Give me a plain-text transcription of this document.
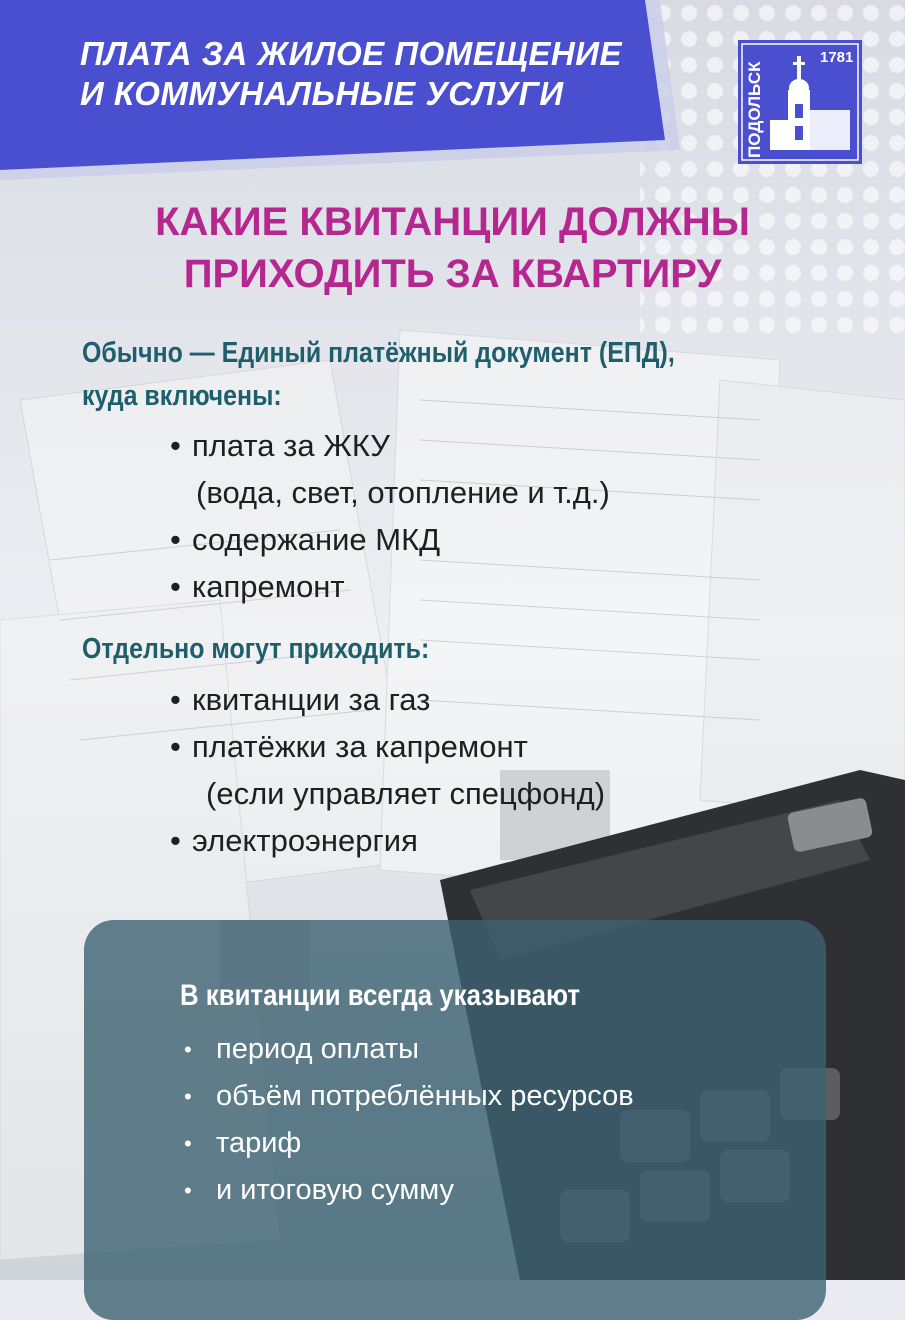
ПЛАТА ЗА ЖИЛОЕ ПОМЕЩЕНИЕ
И КОММУНАЛЬНЫЕ УСЛУГИ	ПОДОЛЬСК
1781
КАКИЕ КВИТАНЦИИ ДОЛЖНЫ
ПРИХОДИТЬ ЗА КВАРТИРУ

Обычно — Единый платёжный документ (ЕПД),
куда включены:

• плата за ЖКУ
(вода, свет, отопление и т.д.)
• содержание МКД
• капремонт

Отдельно могут приходить:

• квитанции за газ
• платёжки за капремонт
(если управляет спецфонд)
• электроэнергия

В квитанции всегда указывают

• период оплаты
• объём потреблённых ресурсов
• тариф
• и итоговую сумму
